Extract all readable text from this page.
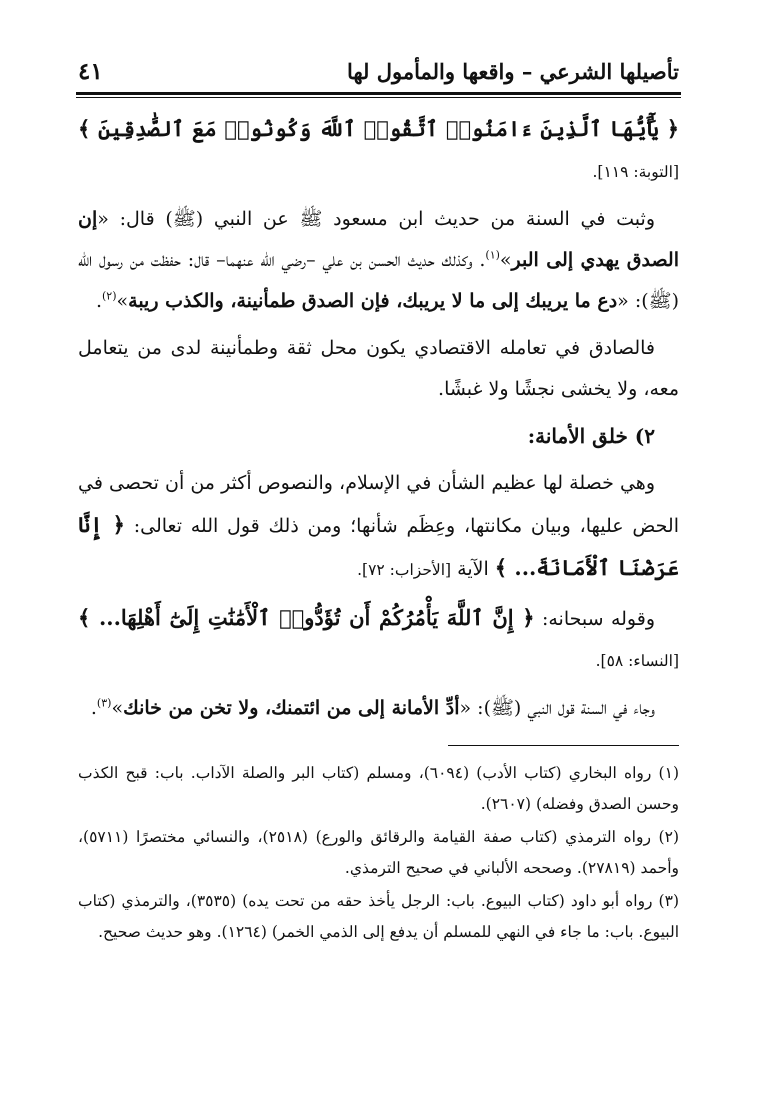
تأصيلها الشرعي – واقعها والمأمول لها
٤١

﴿ يَٰٓأَيُّهَا ٱلَّذِينَ ءَامَنُوا۟ ٱتَّقُوا۟ ٱللَّهَ وَكُونُوا۟ مَعَ ٱلصَّٰدِقِينَ ﴾ [التوبة: ١١٩].

وثبت في السنة من حديث ابن مسعود ﷺ عن النبي (ﷺ) قال: «إن الصدق يهدي إلى البر»$^{(١)}$. وكذلك حديث الحسن بن علي –رضي الله عنهما– قال: حفظت من رسول الله (ﷺ): «دع ما يريبك إلى ما لا يريبك، فإن الصدق طمأنينة، والكذب ريبة»$^{(٢)}$.

فالصادق في تعامله الاقتصادي يكون محل ثقة وطمأنينة لدى من يتعامل معه، ولا يخشى نجشًا ولا غبشًا.

٢) خلق الأمانة:

وهي خصلة لها عظيم الشأن في الإسلام، والنصوص أكثر من أن تحصى في الحض عليها، وبيان مكانتها، وعِظَم شأنها؛ ومن ذلك قول الله تعالى: ﴿ إِنَّا عَرَضْنَا ٱلْأَمَانَةَ... ﴾ الآية [الأحزاب: ٧٢].

وقوله سبحانه: ﴿ إِنَّ ٱللَّهَ يَأْمُرُكُمْ أَن تُؤَدُّوا۟ ٱلْأَمَٰنَٰتِ إِلَىٰٓ أَهْلِهَا... ﴾ [النساء: ٥٨].

وجاء في السنة قول النبي (ﷺ): «أدِّ الأمانة إلى من ائتمنك، ولا تخن من خانك»$^{(٣)}$.

(١) رواه البخاري (كتاب الأدب) (٦٠٩٤)، ومسلم (كتاب البر والصلة الآداب. باب: قبح الكذب وحسن الصدق وفضله) (٢٦٠٧).

(٢) رواه الترمذي (كتاب صفة القيامة والرقائق والورع) (٢٥١٨)، والنسائي مختصرًا (٥٧١١)، وأحمد (٢٧٨١٩). وصححه الألباني في صحيح الترمذي.

(٣) رواه أبو داود (كتاب البيوع. باب: الرجل يأخذ حقه من تحت يده) (٣٥٣٥)، والترمذي (كتاب البيوع. باب: ما جاء في النهي للمسلم أن يدفع إلى الذمي الخمر) (١٢٦٤). وهو حديث صحيح.
